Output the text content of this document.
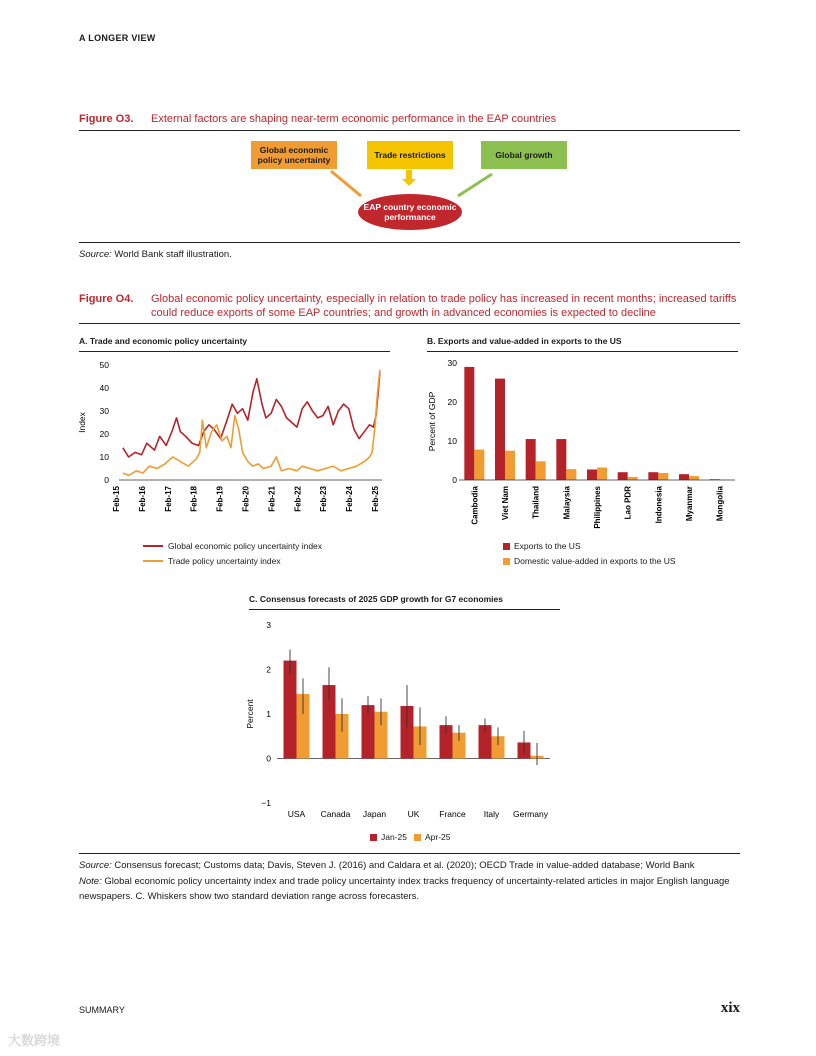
A LONGER VIEW
Figure O3. External factors are shaping near-term economic performance in the EAP countries
Global economic policy uncertainty	Trade restrictions	Global growth
EAP country economic performance
Source: World Bank staff illustration.
Figure O4. Global economic policy uncertainty, especially in relation to trade policy has increased in recent months; increased tariffs could reduce exports of some EAP countries; and growth in advanced economies is expected to decline
A. Trade and economic policy uncertainty
Index
0
10
20
30
40
50
Feb-15 Feb-16 Feb-17 Feb-18 Feb-19 Feb-20 Feb-21 Feb-22 Feb-23 Feb-24 Feb-25
Global economic policy uncertainty index
Trade policy uncertainty index
B. Exports and value-added in exports to the US
Percent of GDP
0
10
20
30
Cambodia	Viet Nam	Thailand	Malaysia	Philippines	Lao PDR	Indonesia	Myanmar	Mongolia
Exports to the US
Domestic value-added in exports to the US
C. Consensus forecasts of 2025 GDP growth for G7 economies
Percent
−1
0
1
2
3
USA Canada Japan	UK France Italy Germany
Jan-25 Apr-25
Source: Consensus forecast; Customs data; Davis, Steven J. (2016) and Caldara et al. (2020); OECD Trade in value-added database; World Bank
Note: Global economic policy uncertainty index and trade policy uncertainty index tracks frequency of uncertainty-related articles in major English language newspapers. C. Whiskers show two standard deviation range across forecasters.
SUMMARY	xix
大数跨境
